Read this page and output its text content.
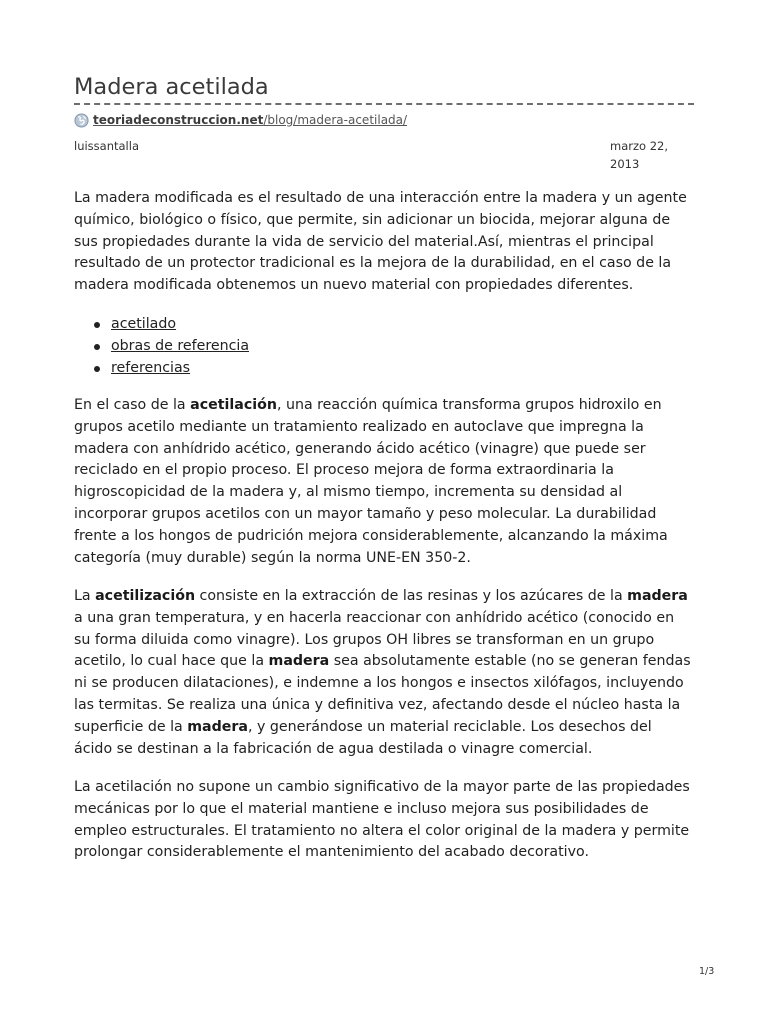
Madera acetilada
teoriadeconstruccion.net/blog/madera-acetilada/
luissantalla	marzo 22,
2013

La madera modificada es el resultado de una interacción entre la madera y un agente químico, biológico o físico, que permite, sin adicionar un biocida, mejorar alguna de sus propiedades durante la vida de servicio del material.Así, mientras el principal resultado de un protector tradicional es la mejora de la durabilidad, en el caso de la madera modificada obtenemos un nuevo material con propiedades diferentes.

acetilado
obras de referencia
referencias

En el caso de la acetilación, una reacción química transforma grupos hidroxilo en grupos acetilo mediante un tratamiento realizado en autoclave que impregna la madera con anhídrido acético, generando ácido acético (vinagre) que puede ser reciclado en el propio proceso. El proceso mejora de forma extraordinaria la higroscopicidad de la madera y, al mismo tiempo, incrementa su densidad al incorporar grupos acetilos con un mayor tamaño y peso molecular. La durabilidad frente a los hongos de pudrición mejora considerablemente, alcanzando la máxima categoría (muy durable) según la norma UNE-EN 350-2.

La acetilización consiste en la extracción de las resinas y los azúcares de la madera a una gran temperatura, y en hacerla reaccionar con anhídrido acético (conocido en su forma diluida como vinagre). Los grupos OH libres se transforman en un grupo acetilo, lo cual hace que la madera sea absolutamente estable (no se generan fendas ni se producen dilataciones), e indemne a los hongos e insectos xilófagos, incluyendo las termitas. Se realiza una única y definitiva vez, afectando desde el núcleo hasta la superficie de la madera, y generándose un material reciclable. Los desechos del ácido se destinan a la fabricación de agua destilada o vinagre comercial.

La acetilación no supone un cambio significativo de la mayor parte de las propiedades mecánicas por lo que el material mantiene e incluso mejora sus posibilidades de empleo estructurales. El tratamiento no altera el color original de la madera y permite prolongar considerablemente el mantenimiento del acabado decorativo.

1/3
